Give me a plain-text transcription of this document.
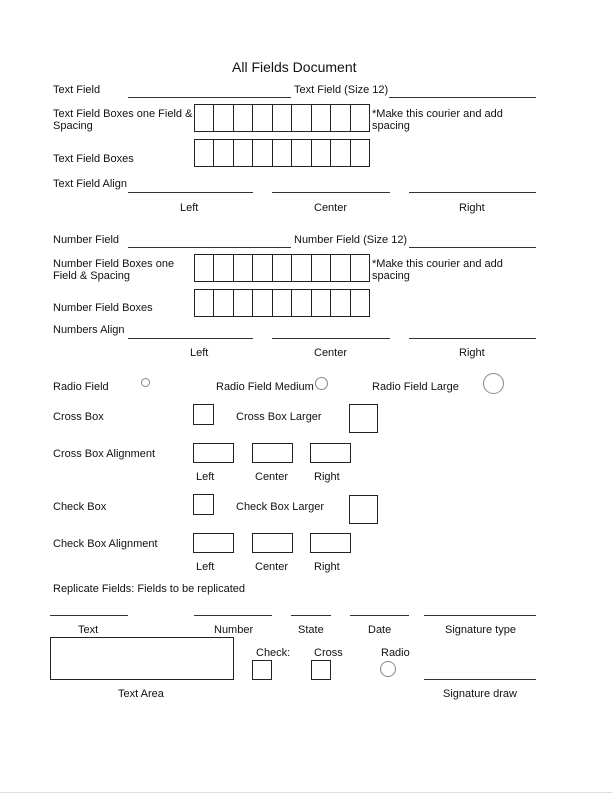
All Fields Document
Text Field	Text Field (Size 12)
Text Field Boxes one Field & Spacing
*Make this courier and add spacing
Text Field Boxes
Text Field Align
Left	Center	Right
Number Field	Number Field (Size 12)
Number Field Boxes one Field & Spacing
*Make this courier and add spacing
Number Field Boxes
Numbers Align
Left	Center	Right
Radio Field	Radio Field Medium	Radio Field Large
Cross Box	Cross Box Larger
Cross Box Alignment
Left	Center Right
Check Box	Check Box Larger
Check Box Alignment
Left	Center Right
Replicate Fields: Fields to be replicated
Text	Number	State	Date	Signature type
Check: Cross	Radio
Text Area	Signature draw
